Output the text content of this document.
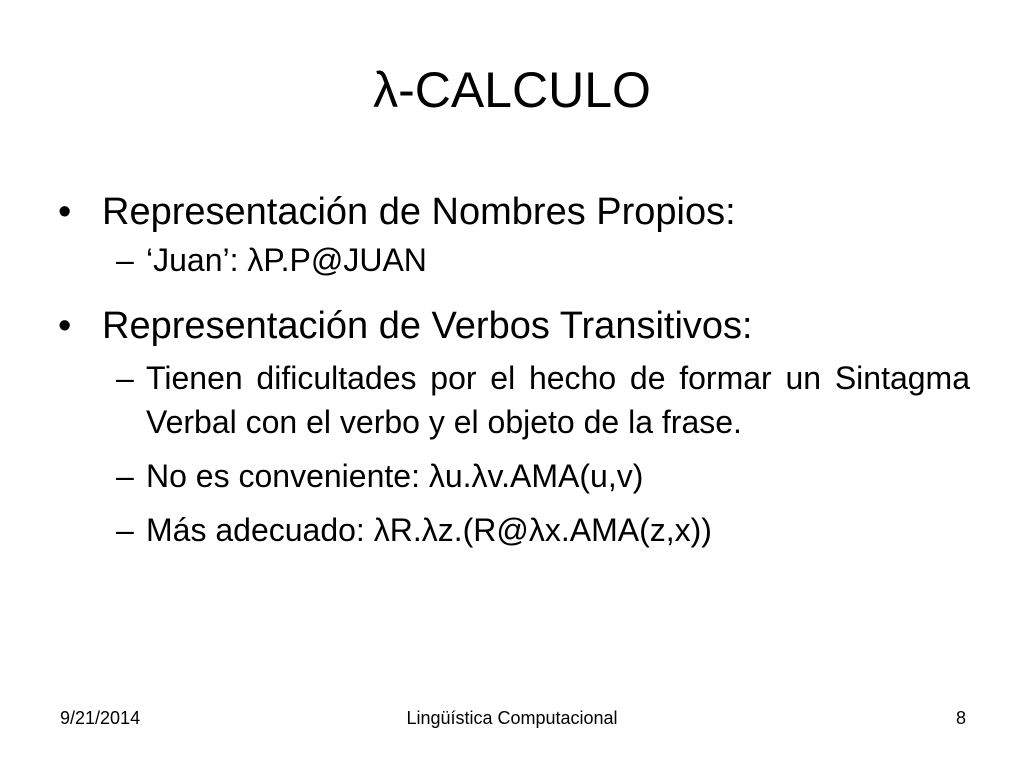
λ-CALCULO
• Representación de Nombres Propios:
– ‘Juan’: λP.P@JUAN
• Representación de Verbos Transitivos:
– Tienen dificultades por el hecho de formar un Sintagma Verbal con el verbo y el objeto de la frase.
– No es conveniente: λu.λv.AMA(u,v)
– Más adecuado: λR.λz.(R@λx.AMA(z,x))
9/21/2014	Lingüística Computacional	8
